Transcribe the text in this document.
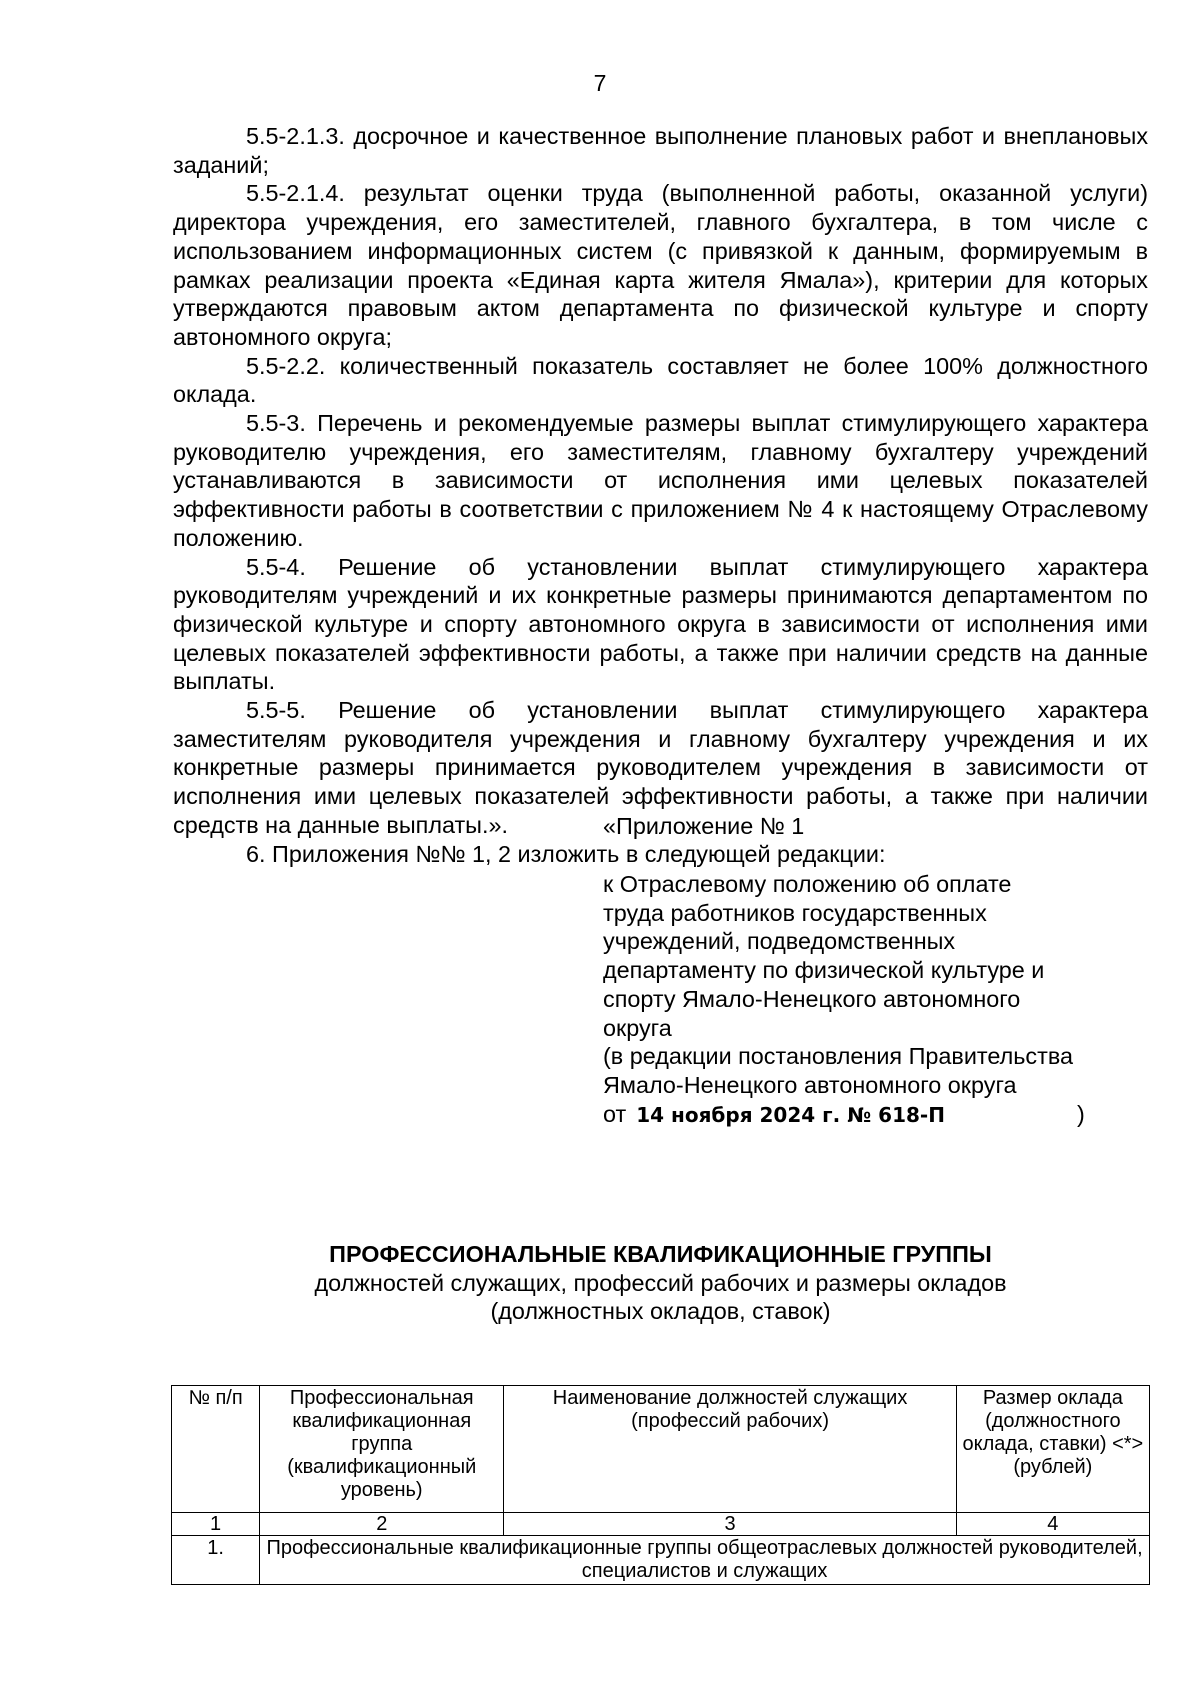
7

5.5-2.1.3. досрочное и качественное выполнение плановых работ и внеплановых заданий;

5.5-2.1.4. результат оценки труда (выполненной работы, оказанной услуги) директора учреждения, его заместителей, главного бухгалтера, в том числе с использованием информационных систем (с привязкой к данным, формируемым в рамках реализации проекта «Единая карта жителя Ямала»), критерии для которых утверждаются правовым актом департамента по физической культуре и спорту автономного округа;

5.5-2.2. количественный показатель составляет не более 100% должностного оклада.

5.5-3. Перечень и рекомендуемые размеры выплат стимулирующего характера руководителю учреждения, его заместителям, главному бухгалтеру учреждений устанавливаются в зависимости от исполнения ими целевых показателей эффективности работы в соответствии с приложением № 4 к настоящему Отраслевому положению.

5.5-4. Решение об установлении выплат стимулирующего характера руководителям учреждений и их конкретные размеры принимаются департаментом по физической культуре и спорту автономного округа в зависимости от исполнения ими целевых показателей эффективности работы, а также при наличии средств на данные выплаты.

5.5-5. Решение об установлении выплат стимулирующего характера заместителям руководителя учреждения и главному бухгалтеру учреждения и их конкретные размеры принимается руководителем учреждения в зависимости от исполнения ими целевых показателей эффективности работы, а также при наличии средств на данные выплаты.».

6. Приложения №№ 1, 2 изложить в следующей редакции:

«Приложение № 1
к Отраслевому положению об оплате
труда работников государственных
учреждений, подведомственных
департаменту по физической культуре и
спорту Ямало-Ненецкого автономного
округа
(в редакции постановления Правительства
Ямало-Ненецкого автономного округа
от 14 ноября 2024 г. № 618-П	)
ПРОФЕССИОНАЛЬНЫЕ КВАЛИФИКАЦИОННЫЕ ГРУППЫ
должностей служащих, профессий рабочих и размеры окладов
(должностных окладов, ставок)
№ п/п	Профессиональная квалификационная группа (квалификационный уровень)	Наименование должностей служащих (профессий рабочих)	Размер оклада (должностного оклада, ставки) <*> (рублей)
1	2	3	4
1.	Профессиональные квалификационные группы общеотраслевых должностей руководителей, специалистов и служащих		
